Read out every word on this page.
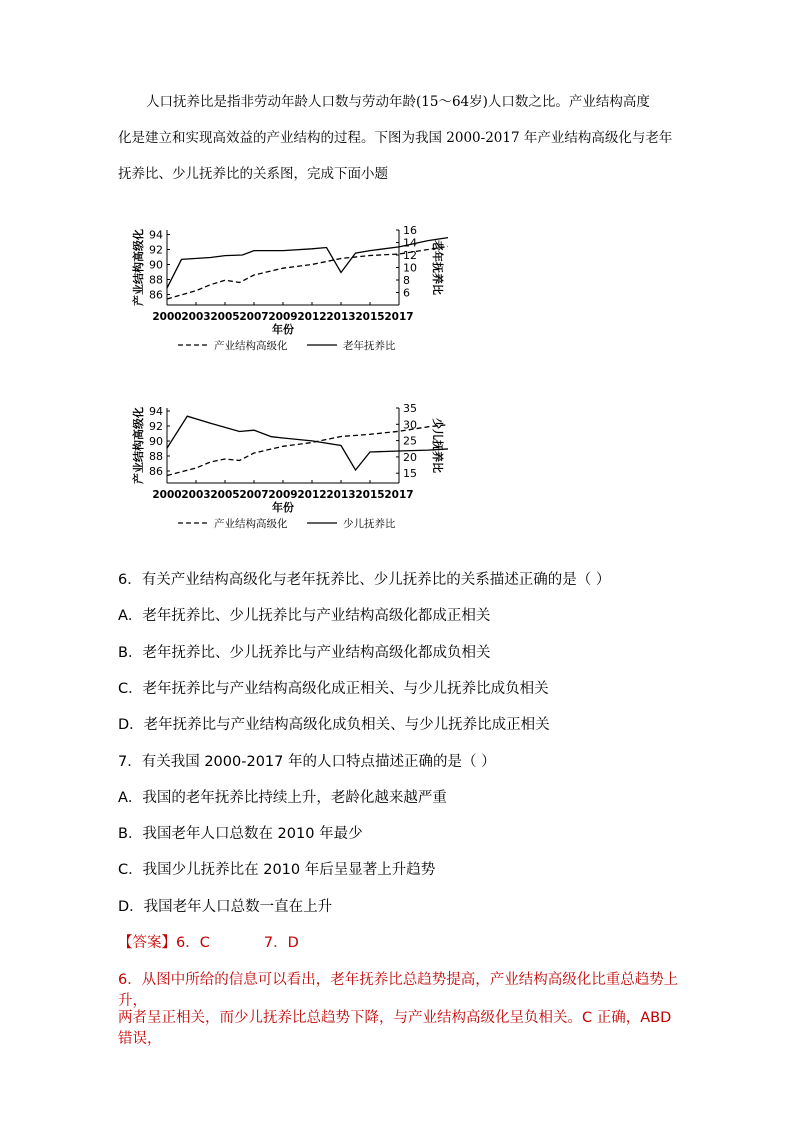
人口抚养比是指非劳动年龄人口数与劳动年龄(15～64岁)人口数之比。产业结构高度

化是建立和实现高效益的产业结构的过程。下图为我国 2000-2017 年产业结构高级化与老年

抚养比、少儿抚养比的关系图，完成下面小题

94
92
90
88
86
16
14
12
10
8
6
2000 2003 2005 2007 2009 2012 2013 2015 2017
年份
产业结构高级化	老年抚养比
产业结构高级化	老年抚养比
94
92
90
88
86
35
30
25
20
15
2000 2003 2005 2007 2009 2012 2013 2015 2017
年份
产业结构高级化	少儿抚养比
产业结构高级化	少儿抚养比
6．有关产业结构高级化与老年抚养比、少儿抚养比的关系描述正确的是（ ）
A．老年抚养比、少儿抚养比与产业结构高级化都成正相关
B．老年抚养比、少儿抚养比与产业结构高级化都成负相关
C．老年抚养比与产业结构高级化成正相关、与少儿抚养比成负相关
D．老年抚养比与产业结构高级化成负相关、与少儿抚养比成正相关
7．有关我国 2000-2017 年的人口特点描述正确的是（ ）
A．我国的老年抚养比持续上升，老龄化越来越严重
B．我国老年人口总数在 2010 年最少
C．我国少儿抚养比在 2010 年后呈显著上升趋势
D．我国老年人口总数一直在上升
【答案】6．C	7．D
6．从图中所给的信息可以看出，老年抚养比总趋势提高，产业结构高级化比重总趋势上升，
两者呈正相关，而少儿抚养比总趋势下降，与产业结构高级化呈负相关。C 正确，ABD 错误，
